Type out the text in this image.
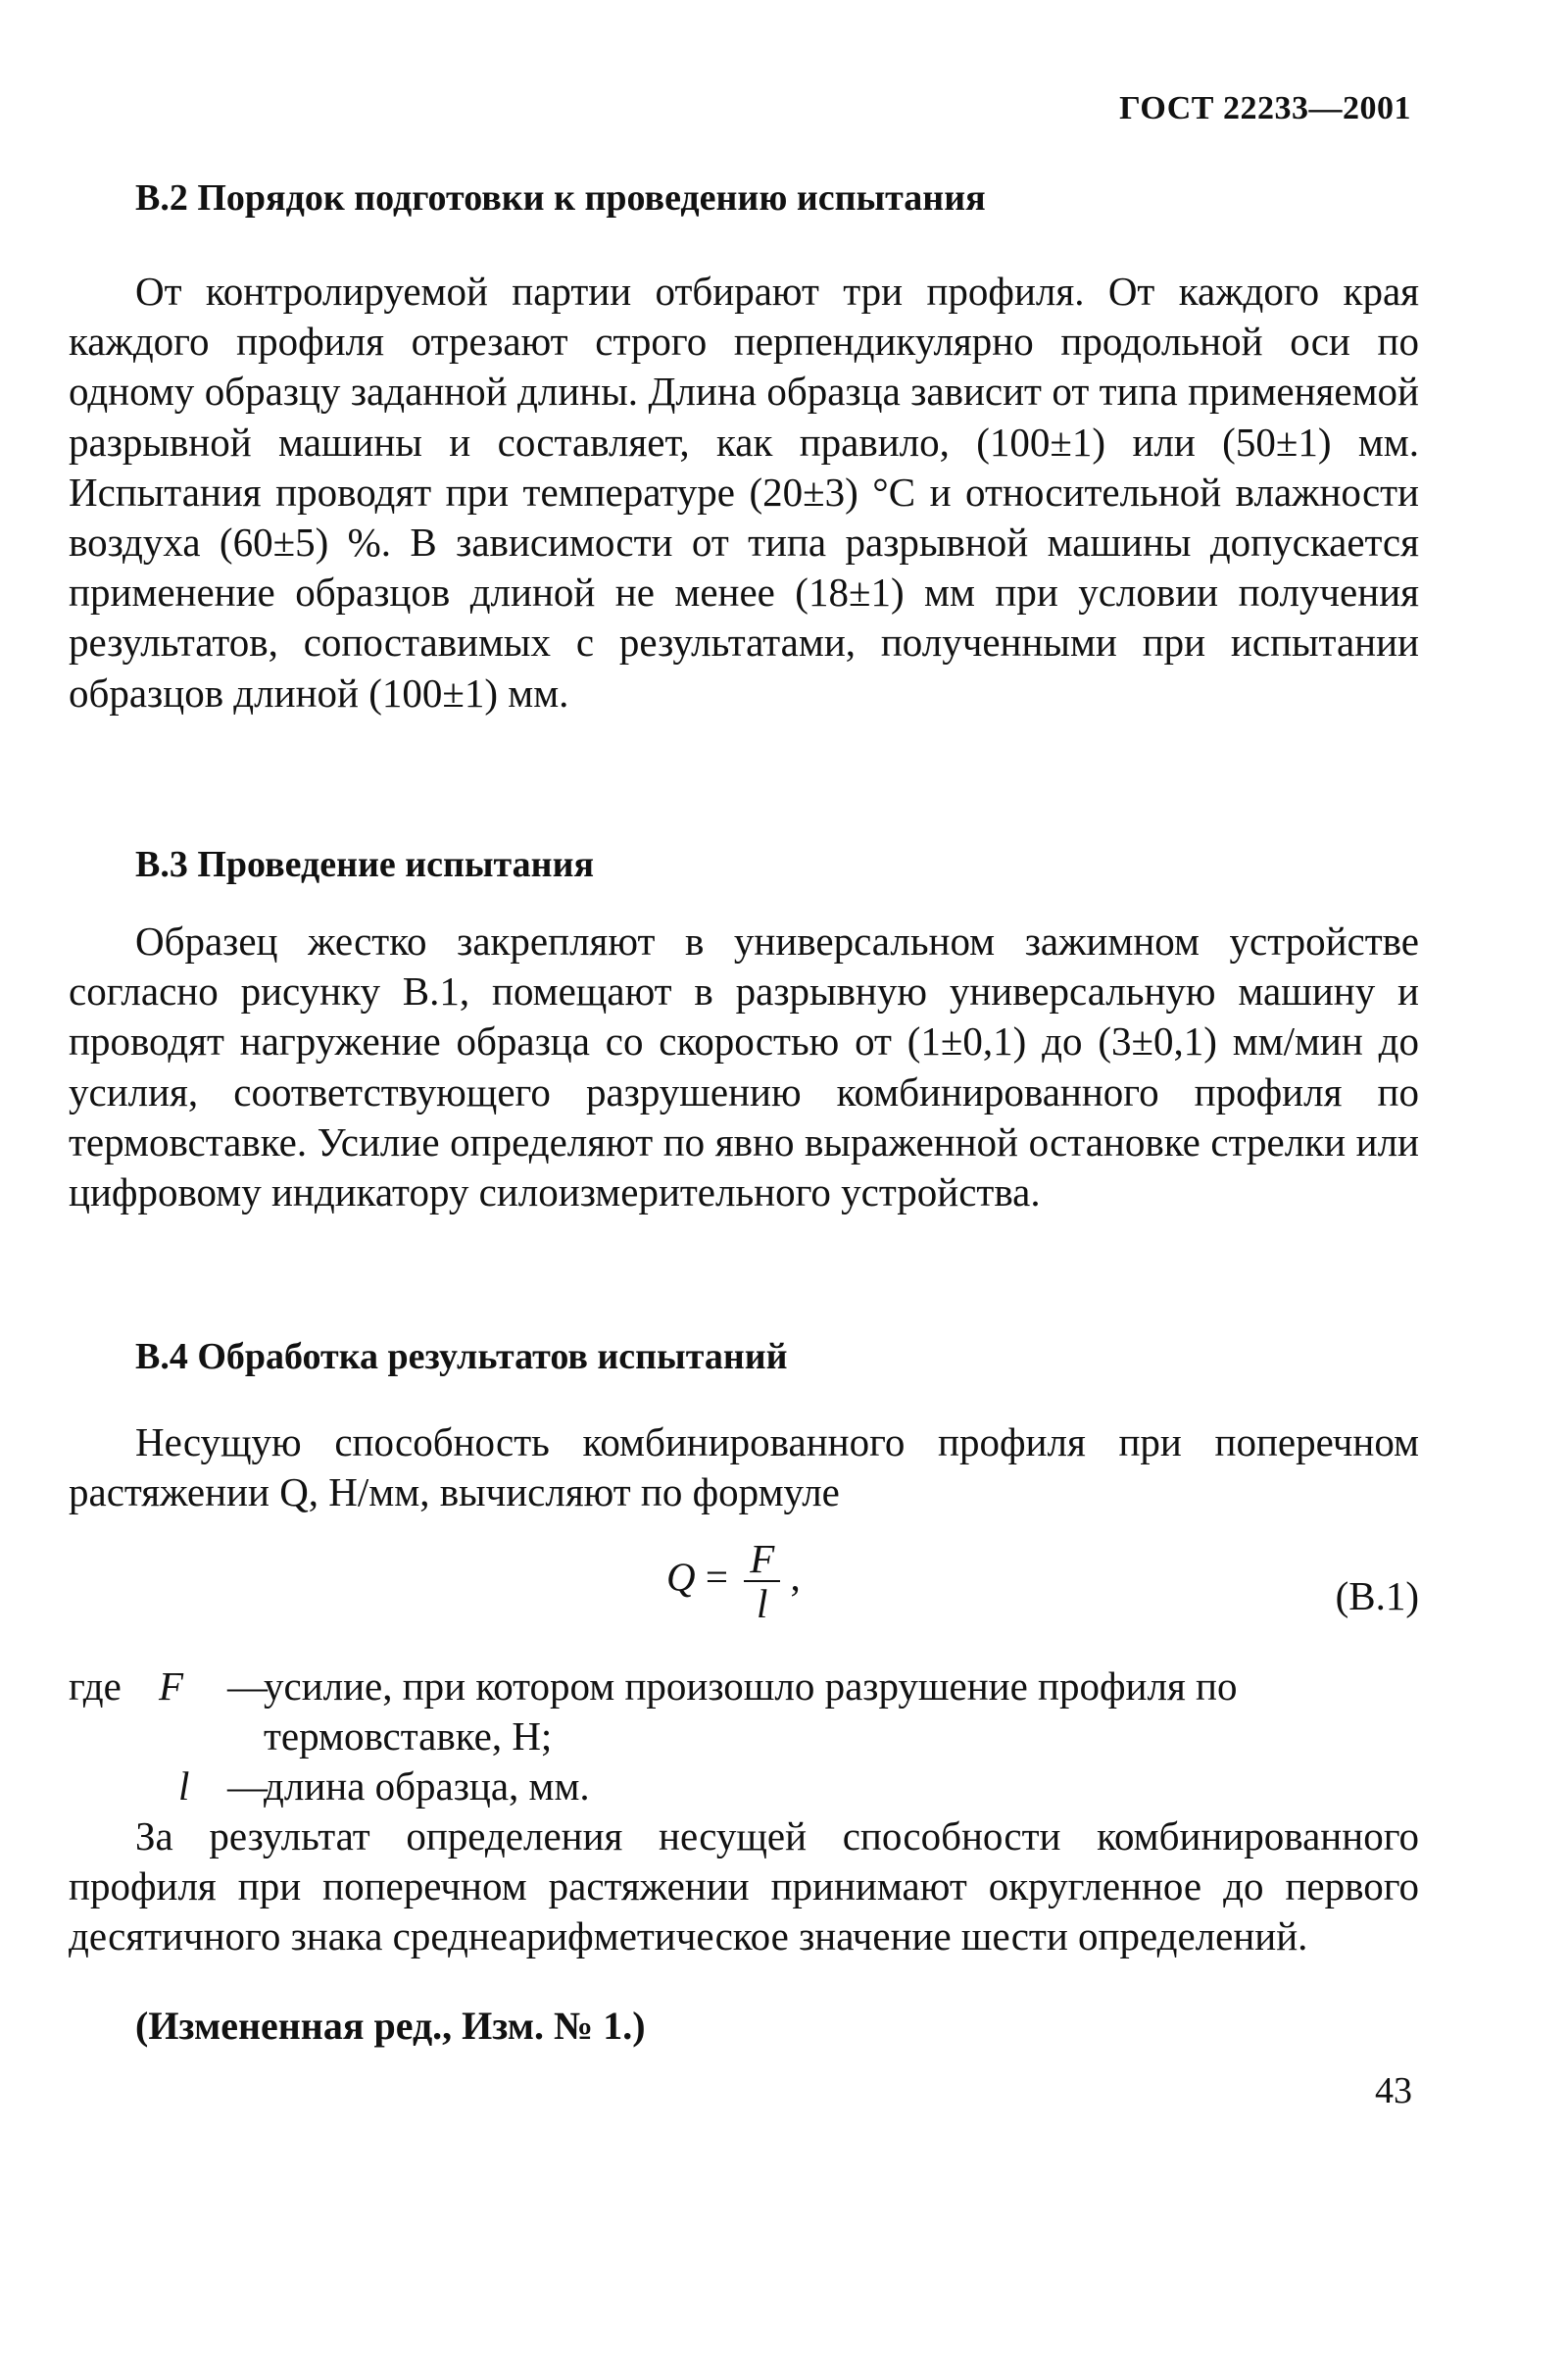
ГОСТ 22233—2001
В.2 Порядок подготовки к проведению испытания
От контролируемой партии отбирают три профиля. От каждого края каждого профиля отрезают строго перпендикулярно продольной оси по одному образцу заданной длины. Длина образца зависит от типа применяемой разрывной машины и составляет, как правило, (100±1) или (50±1) мм. Испытания проводят при температуре (20±3) °С и относительной влажности воздуха (60±5) %. В зависимости от типа разрывной машины допускается применение образцов длиной не менее (18±1) мм при условии получения результатов, сопоставимых с результатами, полученными при испытании образцов длиной (100±1) мм.
В.3 Проведение испытания
Образец жестко закрепляют в универсальном зажимном устройстве согласно рисунку В.1, помещают в разрывную универсальную машину и проводят нагружение образца со скоростью от (1±0,1) до (3±0,1) мм/мин до усилия, соответствующего разрушению комбинированного профиля по термовставке. Усилие определяют по явно выраженной остановке стрелки или цифровому индикатору силоизмерительного устройства.
В.4 Обработка результатов испытаний
Несущую способность комбинированного профиля при поперечном растяжении Q, Н/мм, вычисляют по формуле
$Q = \frac{F}{l}$ ,	(В.1)
где F —
усилие, при котором произошло разрушение профиля по
термовставке, Н;
l —
длина образца, мм.
За результат определения несущей способности комбинированного профиля при поперечном растяжении принимают округленное до первого десятичного знака среднеарифметическое значение шести определений.
(Измененная ред., Изм. № 1.)
43
